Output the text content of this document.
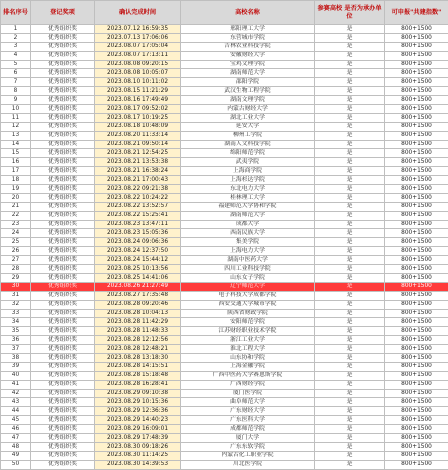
排名序号	登记奖项	确认完成时间	高校名称	参赛高校 是否为承办单位	可申报"共建指数"
1	优秀组织奖	2023.07.12 16:59:35	邢阳理工大学	是	800+1500
2	优秀组织奖	2023.07.13 17:06:06	东营城市学院	是	800+1500
3	优秀组织奖	2023.08.07 17:05:04	吉林农业科技学院	是	800+1500
4	优秀组织奖	2023.08.07 17:13:11	安徽财经大学	是	800+1500
5	优秀组织奖	2023.08.08 09:20:15	宝鸡文理学院	是	800+1500
6	优秀组织奖	2023.08.08 10:05:07	湖南师范大学	是	800+1500
7	优秀组织奖	2023.08.10 10:11:02	邵阳学院	是	800+1500
8	优秀组织奖	2023.08.15 11:21:29	武汉生物工程学院	是	800+1500
9	优秀组织奖	2023.08.16 17:49:49	湖南文理学院	是	800+1500
10	优秀组织奖	2023.08.17 09:52:02	内蒙古财经大学	是	800+1500
11	优秀组织奖	2023.08.17 10:19:25	湖北工业大学	是	800+1500
12	优秀组织奖	2023.08.18 10:48:09	延安大学	是	800+1500
13	优秀组织奖	2023.08.20 11:33:14	柳州工学院	是	800+1500
14	优秀组织奖	2023.08.21 09:50:14	湖南人文科技学院	是	800+1500
15	优秀组织奖	2023.08.21 12:54:25	绵阳师范学院	是	800+1500
16	优秀组织奖	2023.08.21 13:53:38	武夷学院	是	800+1500
17	优秀组织奖	2023.08.21 16:38:24	上海商学院	是	800+1500
18	优秀组织奖	2023.08.21 17:00:43	上海杉达学院	是	800+1500
19	优秀组织奖	2023.08.22 09:21:38	东北电力大学	是	800+1500
20	优秀组织奖	2023.08.22 10:24:22	桂林理工大学	是	800+1500
21	优秀组织奖	2023.08.22 13:52:57	福建师范大学协和学院	是	800+1500
22	优秀组织奖	2023.08.22 15:25:41	湖南师范大学	是	800+1500
23	优秀组织奖	2023.08.23 13:47:11	成都大学	是	800+1500
24	优秀组织奖	2023.08.23 15:05:36	西南民族大学	是	800+1500
25	优秀组织奖	2023.08.24 09:06:36	集美学院	是	800+1500
26	优秀组织奖	2023.08.24 12:37:50	上海电力大学	是	800+1500
27	优秀组织奖	2023.08.24 15:44:12	湖南中医药大学	是	800+1500
28	优秀组织奖	2023.08.25 10:13:56	四川工业科技学院	是	800+1500
29	优秀组织奖	2023.08.25 14:41:06	山东女子学院	是	800+1500
30	优秀组织奖	2023.08.26 21:27:49	辽宁师范大学	是	800+1500
31	优秀组织奖	2023.08.27 17:35:48	电子科技大学成都学院	是	800+1500
32	优秀组织奖	2023.08.28 09:20:46	西安交通大学城市学院	是	800+1500
33	优秀组织奖	2023.08.28 10:04:13	陕西省财政学院	是	800+1500
34	优秀组织奖	2023.08.28 11:42:29	安阳师范学院	是	800+1500
35	优秀组织奖	2023.08.28 11:48:33	江苏财经职业技术学院	是	800+1500
36	优秀组织奖	2023.08.28 12:12:56	浙江工业大学	是	800+1500
37	优秀组织奖	2023.08.28 12:48:21	淮北工程大学	是	800+1500
38	优秀组织奖	2023.08.28 13:18:30	山东协和学院	是	800+1500
39	优秀组织奖	2023.08.28 14:15:51	上海金融学院	是	800+1500
40	优秀组织奖	2023.08.28 15:18:48	广西中医药大学赛恩斯学院	是	800+1500
41	优秀组织奖	2023.08.28 16:28:41	广西财经学院	是	800+1500
42	优秀组织奖	2023.08.29 09:10:38	厦门医学院	是	800+1500
43	优秀组织奖	2023.08.29 10:15:36	曲阜师范大学	是	800+1500
44	优秀组织奖	2023.08.29 12:36:36	广东财经大学	是	800+1500
45	优秀组织奖	2023.08.29 14:40:23	广东医科大学	是	800+1500
46	优秀组织奖	2023.08.29 16:09:01	成都师范学院	是	800+1500
47	优秀组织奖	2023.08.29 17:48:39	厦门大学	是	800+1500
48	优秀组织奖	2023.08.30 09:18:26	广东东软学院	是	800+1500
49	优秀组织奖	2023.08.30 11:14:25	内蒙古化工职业学院	是	800+1500
50	优秀组织奖	2023.08.30 14:39:53	川北医学院	是	800+1500
